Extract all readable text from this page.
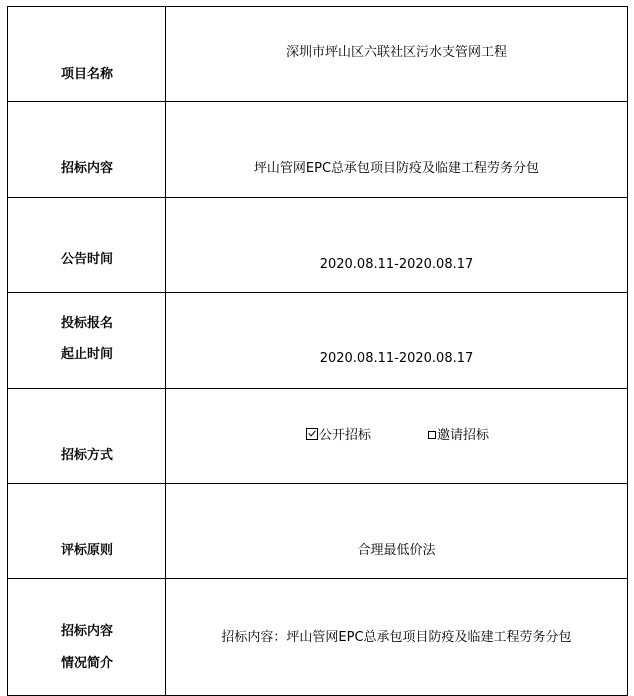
项目名称	深圳市坪山区六联社区污水支管网工程

招标内容	坪山管网EPC总承包项目防疫及临建工程劳务分包

公告时间	2020.08.11-2020.08.17

投标报名
起止时间	2020.08.11-2020.08.17

招标方式	公开招标 邀请招标

评标原则	合理最低价法

招标内容
情况简介	招标内容：坪山管网EPC总承包项目防疫及临建工程劳务分包
